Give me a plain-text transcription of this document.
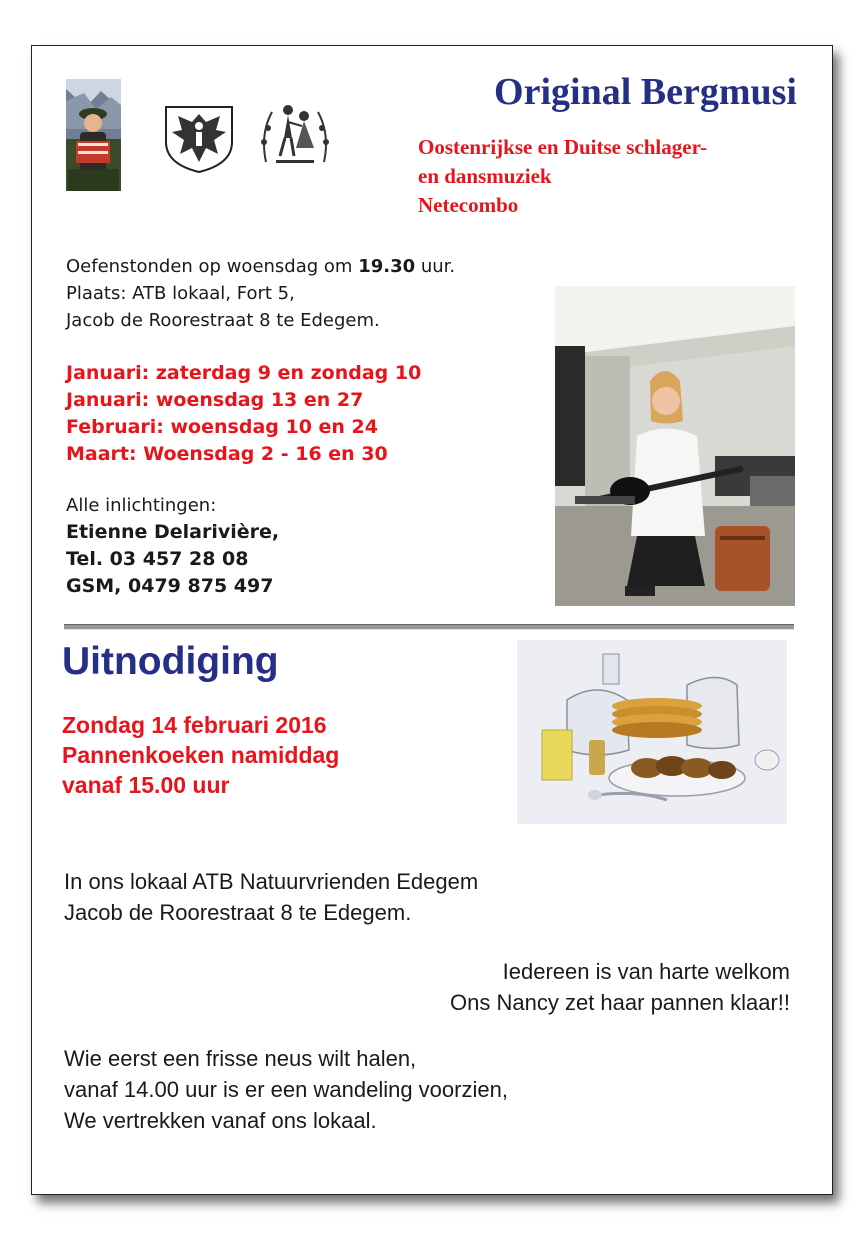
Original Bergmusi
Oostenrijkse en Duitse schlager-
en dansmuziek
Netecombo
Oefenstonden op woensdag om 19.30 uur.
Plaats: ATB lokaal, Fort 5,
Jacob de Roorestraat 8 te Edegem.
Januari: zaterdag 9 en zondag 10
Januari: woensdag 13 en 27
Februari: woensdag 10 en 24
Maart: Woensdag 2 - 16 en 30
Alle inlichtingen:
Etienne Delarivière,
Tel. 03 457 28 08
GSM, 0479 875 497
Uitnodiging
Zondag 14 februari 2016
Pannenkoeken namiddag
vanaf 15.00 uur
In ons lokaal ATB Natuurvrienden Edegem
Jacob de Roorestraat 8 te Edegem.
Iedereen is van harte welkom
Ons Nancy zet haar pannen klaar!!
Wie eerst een frisse neus wilt halen,
vanaf 14.00 uur is er een wandeling voorzien,
We vertrekken vanaf ons lokaal.
